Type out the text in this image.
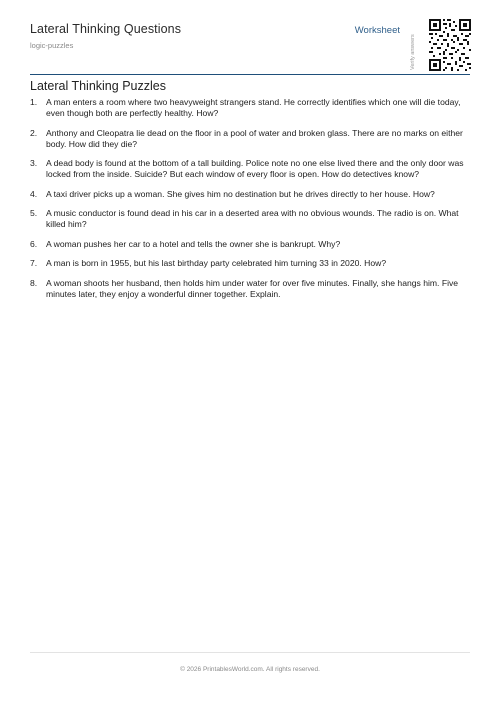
Lateral Thinking Questions
logic-puzzles
Worksheet
Verify answers
Lateral Thinking Puzzles
1. A man enters a room where two heavyweight strangers stand. He correctly identifies which one will die today, even though both are perfectly healthy. How?
2. Anthony and Cleopatra lie dead on the floor in a pool of water and broken glass. There are no marks on either body. How did they die?
3. A dead body is found at the bottom of a tall building. Police note no one else lived there and the only door was locked from the inside. Suicide? But each window of every floor is open. How do detectives know?
4. A taxi driver picks up a woman. She gives him no destination but he drives directly to her house. How?
5. A music conductor is found dead in his car in a deserted area with no obvious wounds. The radio is on. What killed him?
6. A woman pushes her car to a hotel and tells the owner she is bankrupt. Why?
7. A man is born in 1955, but his last birthday party celebrated him turning 33 in 2020. How?
8. A woman shoots her husband, then holds him under water for over five minutes. Finally, she hangs him. Five minutes later, they enjoy a wonderful dinner together. Explain.
© 2026 PrintablesWorld.com. All rights reserved.
